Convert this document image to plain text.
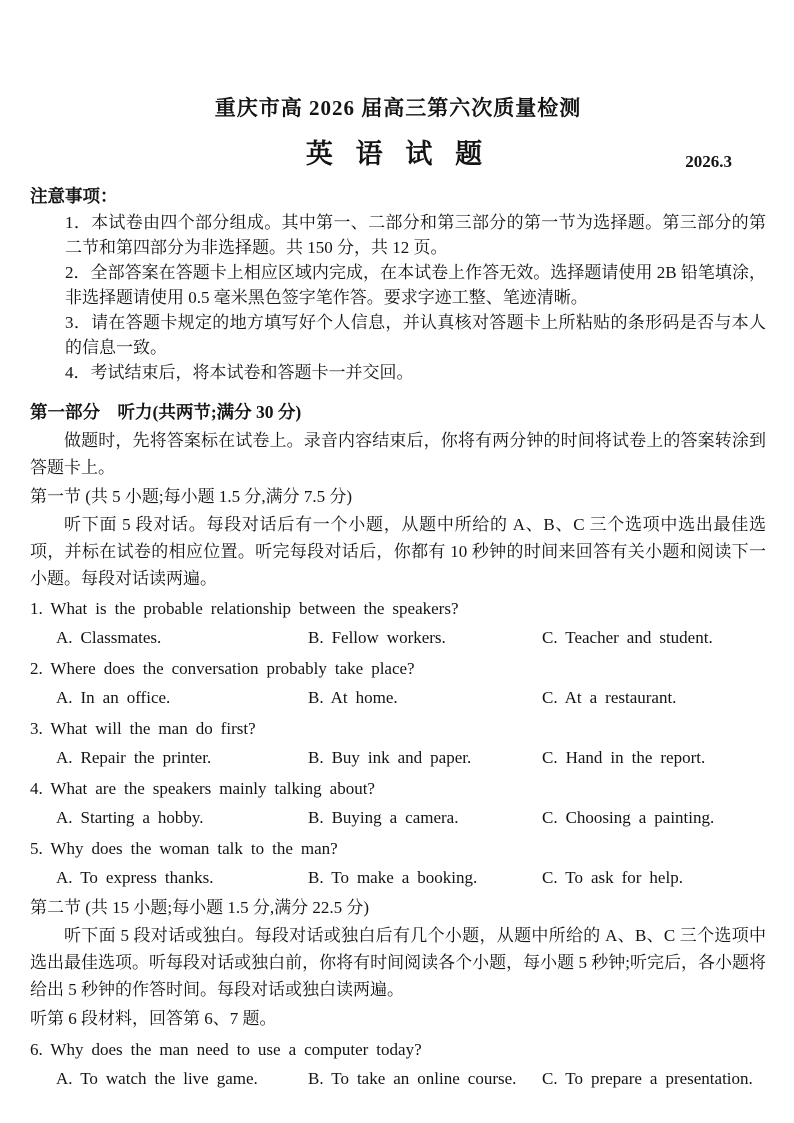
重庆市高 2026 届高三第六次质量检测
英 语 试 题	2026.3
注意事项：
1．本试卷由四个部分组成。其中第一、二部分和第三部分的第一节为选择题。第三部分的第二节和第四部分为非选择题。共 150 分，共 12 页。
2．全部答案在答题卡上相应区域内完成，在本试卷上作答无效。选择题请使用 2B 铅笔填涂，非选择题请使用 0.5 毫米黑色签字笔作答。要求字迹工整、笔迹清晰。
3．请在答题卡规定的地方填写好个人信息，并认真核对答题卡上所粘贴的条形码是否与本人的信息一致。
4．考试结束后，将本试卷和答题卡一并交回。
第一部分　听力(共两节;满分 30 分)

做题时，先将答案标在试卷上。录音内容结束后，你将有两分钟的时间将试卷上的答案转涂到答题卡上。

第一节 (共 5 小题;每小题 1.5 分,满分 7.5 分)

听下面 5 段对话。每段对话后有一个小题，从题中所给的 A、B、C 三个选项中选出最佳选项，并标在试卷的相应位置。听完每段对话后，你都有 10 秒钟的时间来回答有关小题和阅读下一小题。每段对话读两遍。

1. What is the probable relationship between the speakers?
A. Classmates.	B. Fellow workers.	C. Teacher and student.
2. Where does the conversation probably take place?
A. In an office.	B. At home.	C. At a restaurant.
3. What will the man do first?
A. Repair the printer.	B. Buy ink and paper.	C. Hand in the report.
4. What are the speakers mainly talking about?
A. Starting a hobby.	B. Buying a camera.	C. Choosing a painting.
5. Why does the woman talk to the man?
A. To express thanks.	B. To make a booking.	C. To ask for help.
第二节 (共 15 小题;每小题 1.5 分,满分 22.5 分)

听下面 5 段对话或独白。每段对话或独白后有几个小题，从题中所给的 A、B、C 三个选项中选出最佳选项。听每段对话或独白前，你将有时间阅读各个小题，每小题 5 秒钟;听完后，各小题将给出 5 秒钟的作答时间。每段对话或独白读两遍。

听第 6 段材料，回答第 6、7 题。
6. Why does the man need to use a computer today?
A. To watch the live game.	B. To take an online course.	C. To prepare a presentation.
